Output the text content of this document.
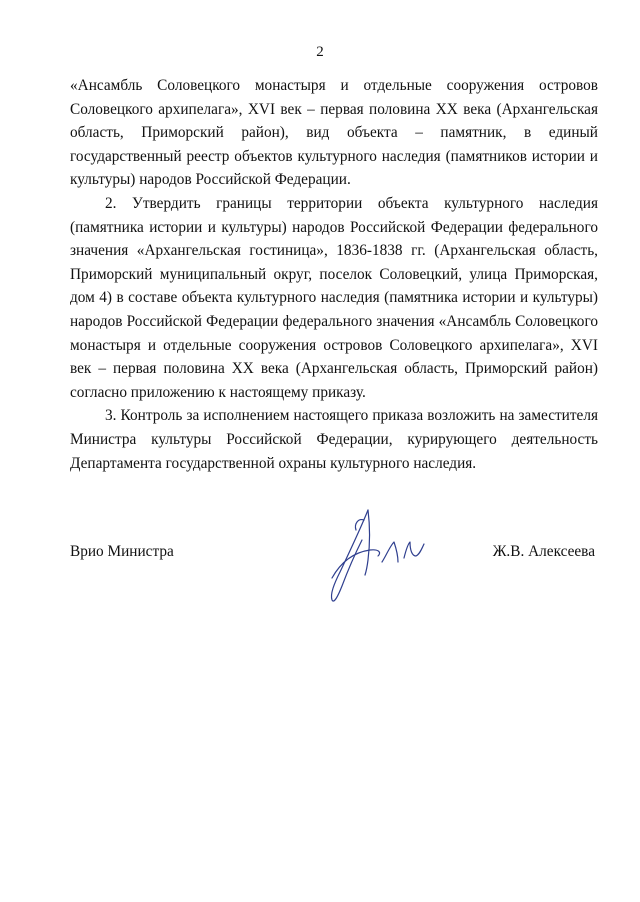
2

«Ансамбль Соловецкого монастыря и отдельные сооружения островов Соловецкого архипелага», XVI век – первая половина XX века (Архангельская область, Приморский район), вид объекта – памятник, в единый государственный реестр объектов культурного наследия (памятников истории и культуры) народов Российской Федерации.

2. Утвердить границы территории объекта культурного наследия (памятника истории и культуры) народов Российской Федерации федерального значения «Архангельская гостиница», 1836-1838 гг. (Архангельская область, Приморский муниципальный округ, поселок Соловецкий, улица Приморская, дом 4) в составе объекта культурного наследия (памятника истории и культуры) народов Российской Федерации федерального значения «Ансамбль Соловецкого монастыря и отдельные сооружения островов Соловецкого архипелага», XVI век – первая половина XX века (Архангельская область, Приморский район) согласно приложению к настоящему приказу.

3. Контроль за исполнением настоящего приказа возложить на заместителя Министра культуры Российской Федерации, курирующего деятельность Департамента государственной охраны культурного наследия.

Врио Министра	Ж.В. Алексеева
